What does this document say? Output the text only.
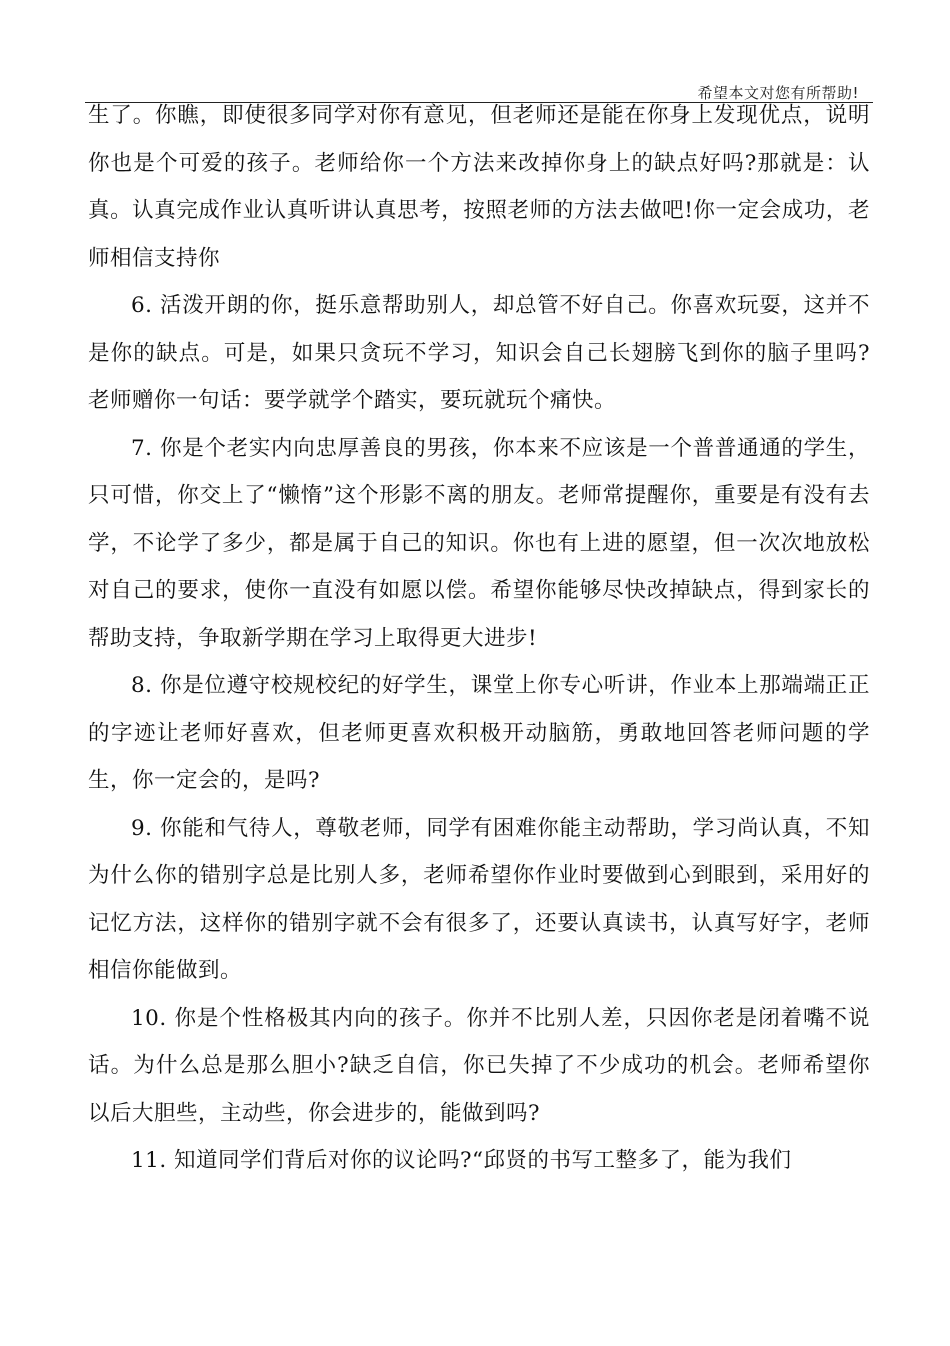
希望本文对您有所帮助!

生了。你瞧，即使很多同学对你有意见，但老师还是能在你身上发现优点，说明你也是个可爱的孩子。老师给你一个方法来改掉你身上的缺点好吗?那就是：认真。认真完成作业认真听讲认真思考，按照老师的方法去做吧!你一定会成功，老师相信支持你

6. 活泼开朗的你，挺乐意帮助别人，却总管不好自己。你喜欢玩耍，这并不是你的缺点。可是，如果只贪玩不学习，知识会自己长翅膀飞到你的脑子里吗?老师赠你一句话：要学就学个踏实，要玩就玩个痛快。

7. 你是个老实内向忠厚善良的男孩，你本来不应该是一个普普通通的学生，只可惜，你交上了“懒惰”这个形影不离的朋友。老师常提醒你，重要是有没有去学，不论学了多少，都是属于自己的知识。你也有上进的愿望，但一次次地放松对自己的要求，使你一直没有如愿以偿。希望你能够尽快改掉缺点，得到家长的帮助支持，争取新学期在学习上取得更大进步!

8. 你是位遵守校规校纪的好学生，课堂上你专心听讲，作业本上那端端正正的字迹让老师好喜欢，但老师更喜欢积极开动脑筋，勇敢地回答老师问题的学生，你一定会的，是吗?

9. 你能和气待人，尊敬老师，同学有困难你能主动帮助，学习尚认真，不知为什么你的错别字总是比别人多，老师希望你作业时要做到心到眼到，采用好的记忆方法，这样你的错别字就不会有很多了，还要认真读书，认真写好字，老师相信你能做到。

10. 你是个性格极其内向的孩子。你并不比别人差，只因你老是闭着嘴不说话。为什么总是那么胆小?缺乏自信，你已失掉了不少成功的机会。老师希望你以后大胆些，主动些，你会进步的，能做到吗?

11. 知道同学们背后对你的议论吗?“邱贤的书写工整多了，能为我们
